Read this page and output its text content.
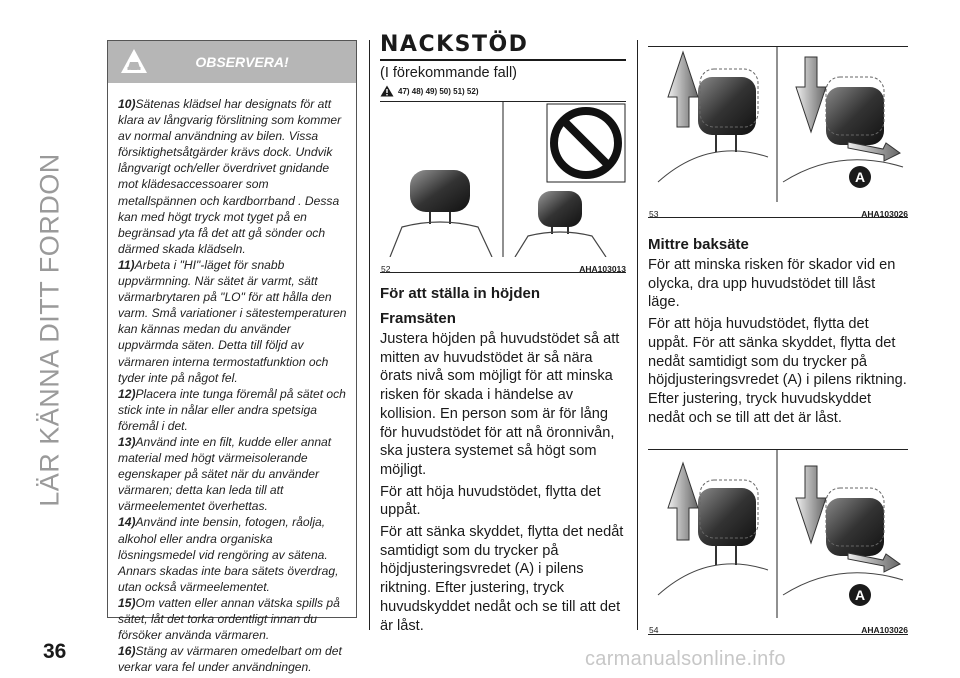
LÄR KÄNNA DITT FORDON
36	carmanualsonline.info
OBSERVERA!

10)Sätenas klädsel har designats för att klara av långvarig förslitning som kommer av normal användning av bilen. Vissa försiktighetsåtgärder krävs dock. Undvik långvarigt och/eller överdrivet gnidande mot klädesaccessoarer som metallspännen och kardborrband . Dessa kan med högt tryck mot tyget på en begränsad yta få det att gå sönder och därmed skada klädseln.

11)Arbeta i "HI"-läget för snabb uppvärmning. När sätet är varmt, sätt värmarbrytaren på "LO" för att hålla den varm. Små variationer i sätestemperaturen kan kännas medan du använder uppvärmda säten. Detta till följd av värmaren interna termostatfunktion och tyder inte på något fel.

12)Placera inte tunga föremål på sätet och stick inte in nålar eller andra spetsiga föremål i det.

13)Använd inte en filt, kudde eller annat material med högt värmeisolerande egenskaper på sätet när du använder värmaren; detta kan leda till att värmeelementet överhettas.

14)Använd inte bensin, fotogen, råolja, alkohol eller andra organiska lösningsmedel vid rengöring av sätena. Annars skadas inte bara sätets överdrag, utan också värmeelementet.

15)Om vatten eller annan vätska spills på sätet, låt det torka ordentligt innan du försöker använda värmaren.

16)Stäng av värmaren omedelbart om det verkar vara fel under användningen.

NACKSTÖD
(I förekommande fall)
47) 48) 49) 50) 51) 52)
52	AHA103013
För att ställa in höjden
Framsäten
Justera höjden på huvudstödet så att mitten av huvudstödet är så nära örats nivå som möjligt för att minska risken för skada i händelse av kollision. En person som är för lång för huvudstödet för att nå öronnivån, ska justera systemet så högt som möjligt.
För att höja huvudstödet, flytta det uppåt.
För att sänka skyddet, flytta det nedåt samtidigt som du trycker på höjdjusteringsvredet (A) i pilens riktning. Efter justering, tryck huvudskyddet nedåt och se till att det är låst.
A
53	AHA103026
Mittre baksäte
För att minska risken för skador vid en olycka, dra upp huvudstödet till låst läge.
För att höja huvudstödet, flytta det uppåt. För att sänka skyddet, flytta det nedåt samtidigt som du trycker på höjdjusteringsvredet (A) i pilens riktning. Efter justering, tryck huvudskyddet nedåt och se till att det är låst.
A
54	AHA103026
